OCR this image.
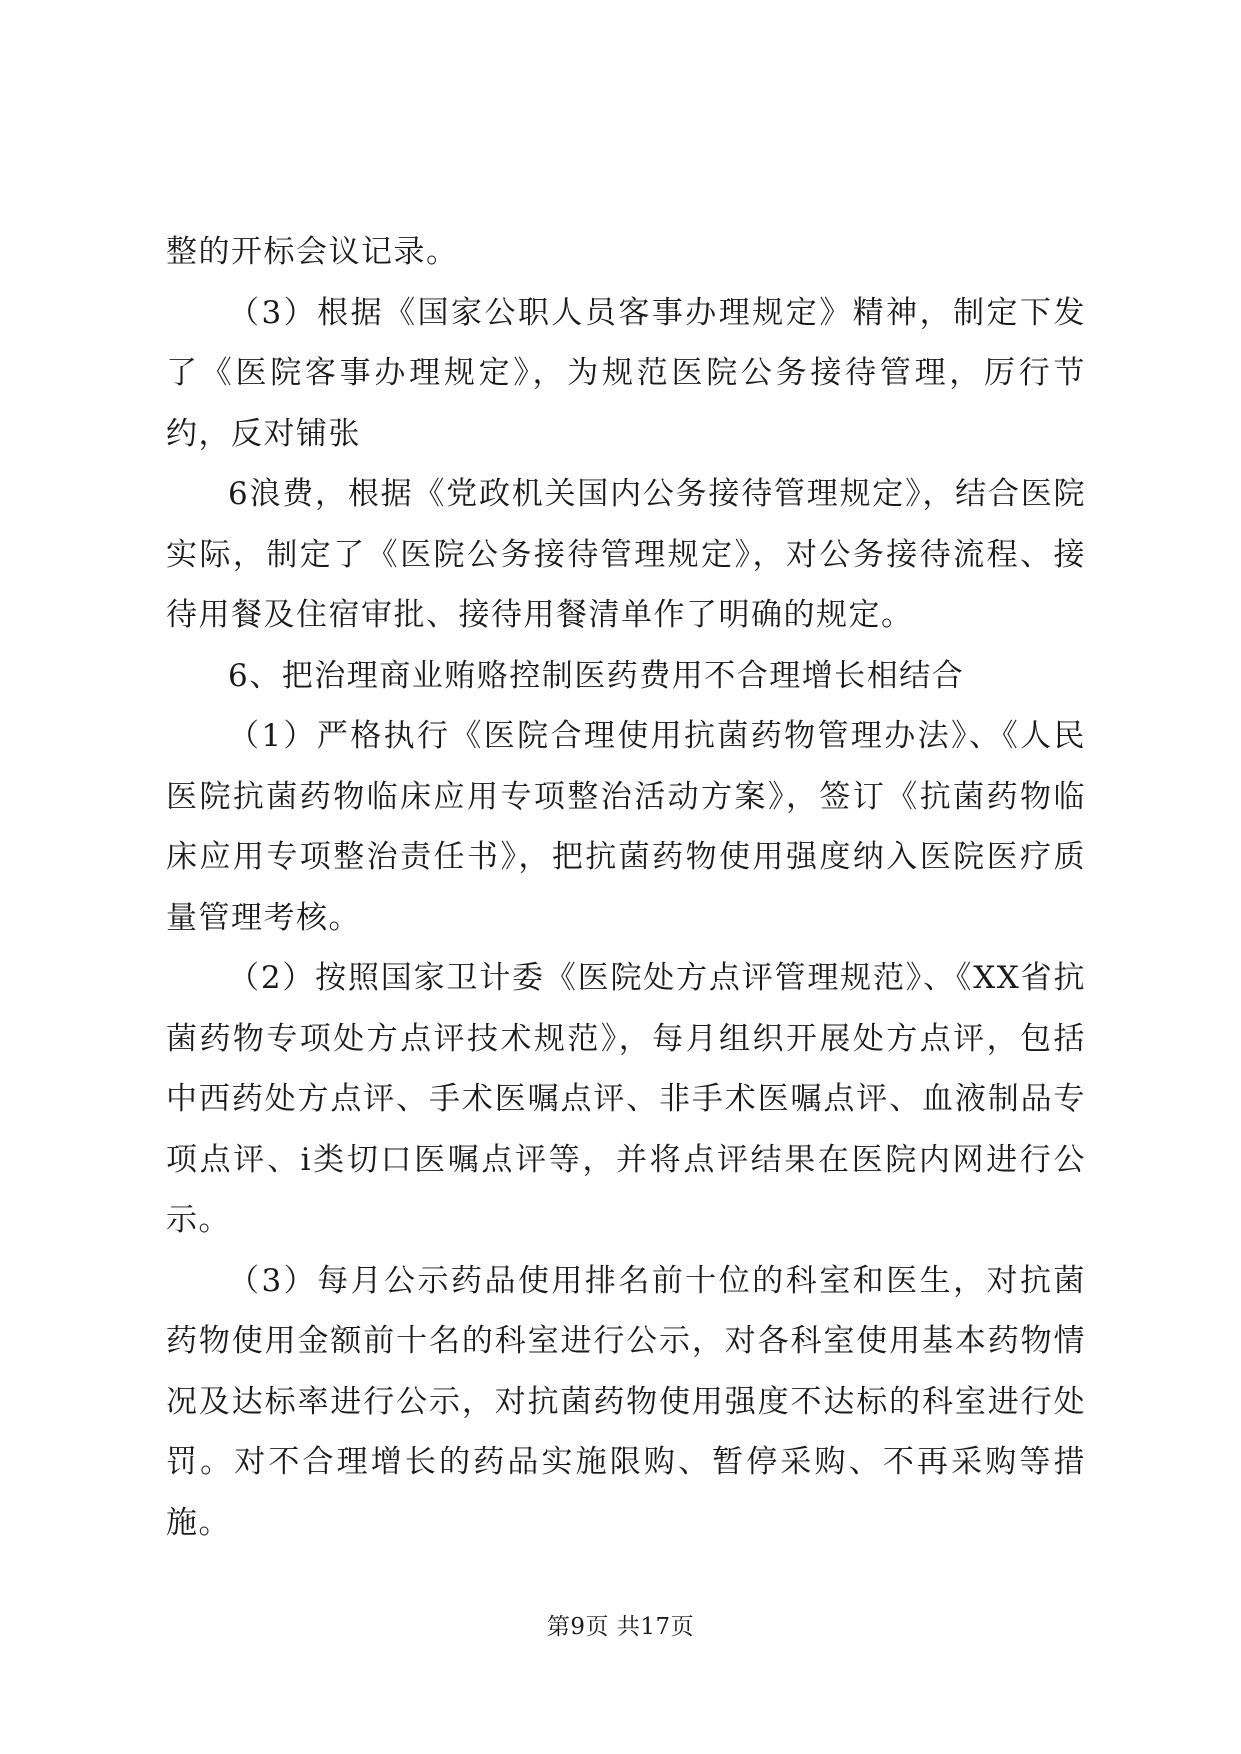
整的开标会议记录。

（3）根据《国家公职人员客事办理规定》精神，制定下发了《医院客事办理规定》，为规范医院公务接待管理，厉行节约，反对铺张

6浪费，根据《党政机关国内公务接待管理规定》，结合医院实际，制定了《医院公务接待管理规定》，对公务接待流程、接待用餐及住宿审批、接待用餐清单作了明确的规定。

6、把治理商业贿赂控制医药费用不合理增长相结合

（1）严格执行《医院合理使用抗菌药物管理办法》、《人民医院抗菌药物临床应用专项整治活动方案》，签订《抗菌药物临床应用专项整治责任书》，把抗菌药物使用强度纳入医院医疗质量管理考核。

（2）按照国家卫计委《医院处方点评管理规范》、《XX省抗菌药物专项处方点评技术规范》，每月组织开展处方点评，包括中西药处方点评、手术医嘱点评、非手术医嘱点评、血液制品专项点评、i类切口医嘱点评等，并将点评结果在医院内网进行公示。

（3）每月公示药品使用排名前十位的科室和医生，对抗菌药物使用金额前十名的科室进行公示，对各科室使用基本药物情况及达标率进行公示，对抗菌药物使用强度不达标的科室进行处罚。对不合理增长的药品实施限购、暂停采购、不再采购等措施。

第9页 共17页
